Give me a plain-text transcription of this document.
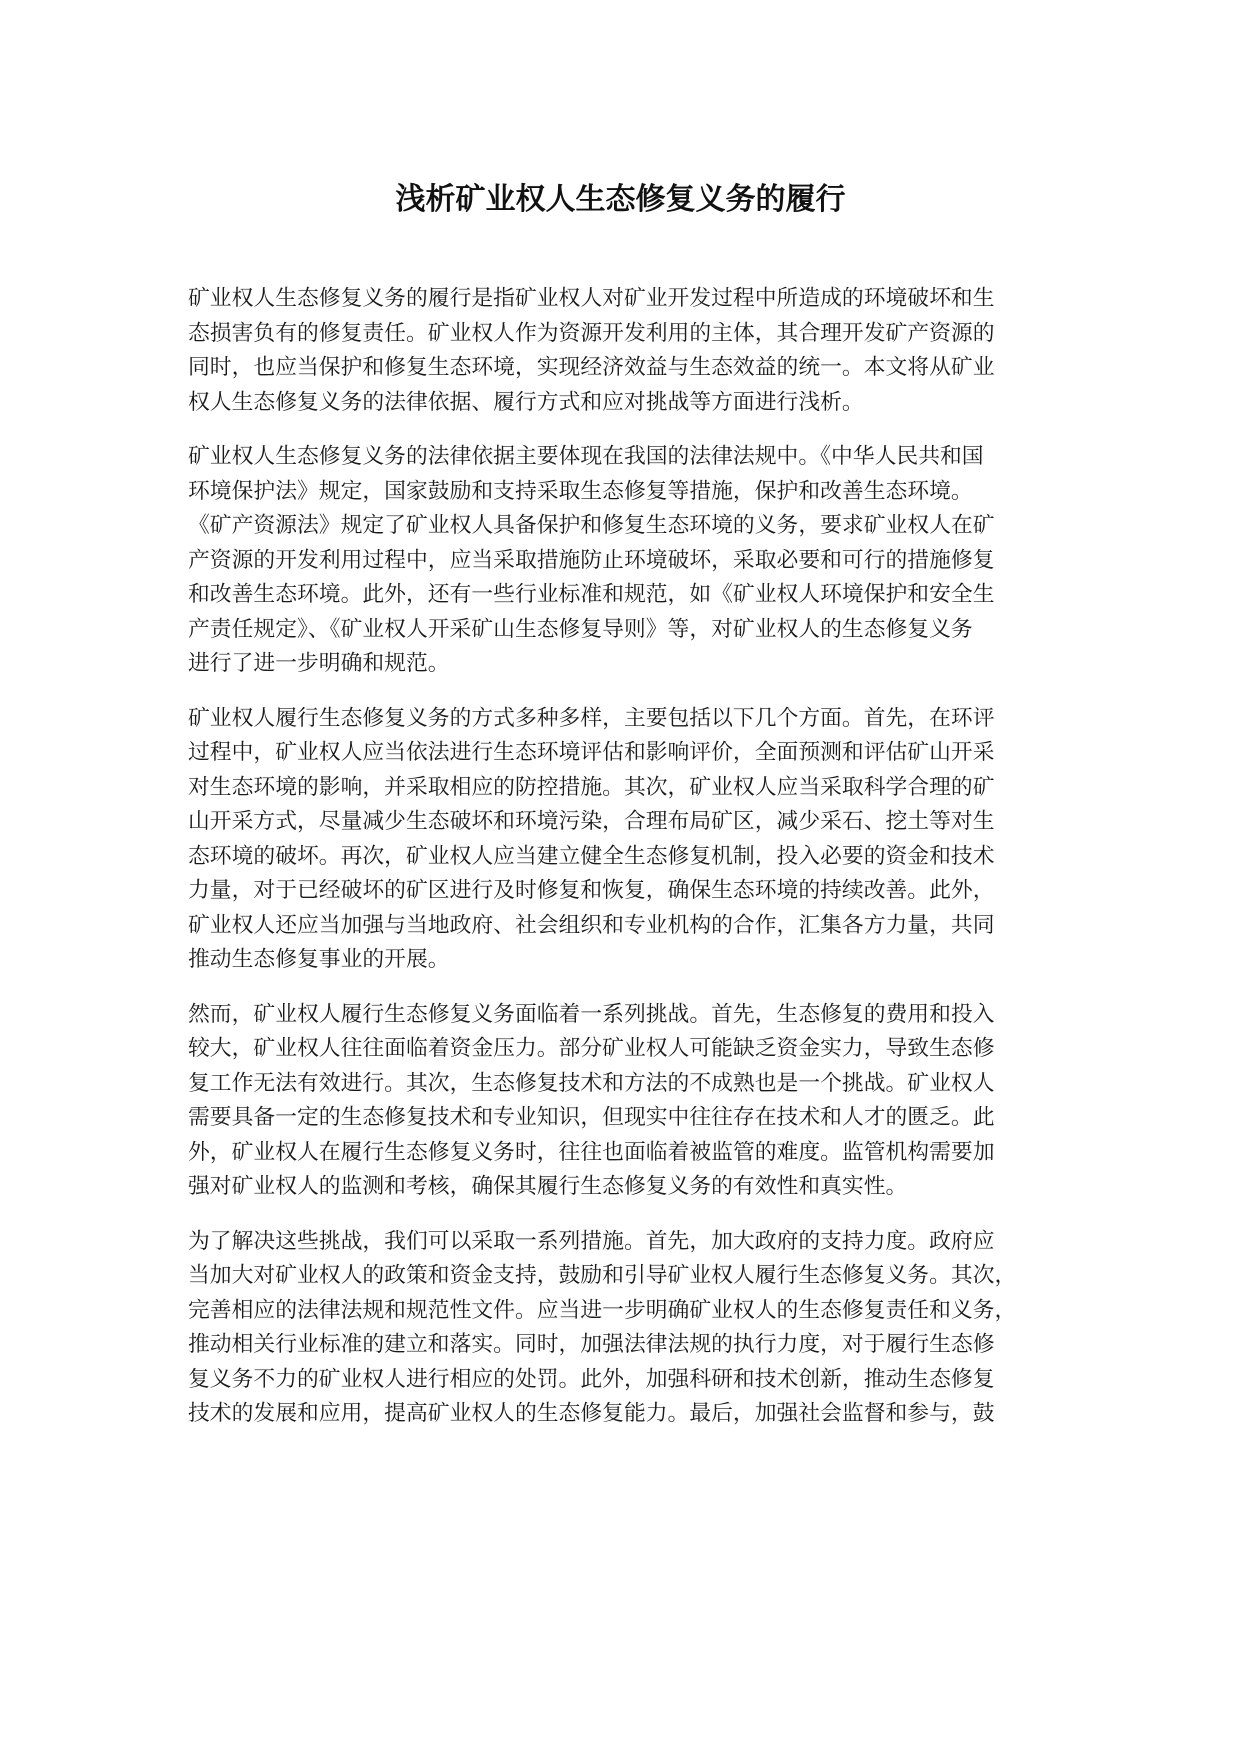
浅析矿业权人生态修复义务的履行
矿业权人生态修复义务的履行是指矿业权人对矿业开发过程中所造成的环境破坏和生
态损害负有的修复责任。矿业权人作为资源开发利用的主体，其合理开发矿产资源的
同时，也应当保护和修复生态环境，实现经济效益与生态效益的统一。本文将从矿业
权人生态修复义务的法律依据、履行方式和应对挑战等方面进行浅析。
矿业权人生态修复义务的法律依据主要体现在我国的法律法规中。《中华人民共和国
环境保护法》规定，国家鼓励和支持采取生态修复等措施，保护和改善生态环境。
《矿产资源法》规定了矿业权人具备保护和修复生态环境的义务，要求矿业权人在矿
产资源的开发利用过程中，应当采取措施防止环境破坏，采取必要和可行的措施修复
和改善生态环境。此外，还有一些行业标准和规范，如《矿业权人环境保护和安全生
产责任规定》、《矿业权人开采矿山生态修复导则》等，对矿业权人的生态修复义务
进行了进一步明确和规范。
矿业权人履行生态修复义务的方式多种多样，主要包括以下几个方面。首先，在环评
过程中，矿业权人应当依法进行生态环境评估和影响评价，全面预测和评估矿山开采
对生态环境的影响，并采取相应的防控措施。其次，矿业权人应当采取科学合理的矿
山开采方式，尽量减少生态破坏和环境污染，合理布局矿区，减少采石、挖土等对生
态环境的破坏。再次，矿业权人应当建立健全生态修复机制，投入必要的资金和技术
力量，对于已经破坏的矿区进行及时修复和恢复，确保生态环境的持续改善。此外，
矿业权人还应当加强与当地政府、社会组织和专业机构的合作，汇集各方力量，共同
推动生态修复事业的开展。
然而，矿业权人履行生态修复义务面临着一系列挑战。首先，生态修复的费用和投入
较大，矿业权人往往面临着资金压力。部分矿业权人可能缺乏资金实力，导致生态修
复工作无法有效进行。其次，生态修复技术和方法的不成熟也是一个挑战。矿业权人
需要具备一定的生态修复技术和专业知识，但现实中往往存在技术和人才的匮乏。此
外，矿业权人在履行生态修复义务时，往往也面临着被监管的难度。监管机构需要加
强对矿业权人的监测和考核，确保其履行生态修复义务的有效性和真实性。
为了解决这些挑战，我们可以采取一系列措施。首先，加大政府的支持力度。政府应
当加大对矿业权人的政策和资金支持，鼓励和引导矿业权人履行生态修复义务。其次，
完善相应的法律法规和规范性文件。应当进一步明确矿业权人的生态修复责任和义务，
推动相关行业标准的建立和落实。同时，加强法律法规的执行力度，对于履行生态修
复义务不力的矿业权人进行相应的处罚。此外，加强科研和技术创新，推动生态修复
技术的发展和应用，提高矿业权人的生态修复能力。最后，加强社会监督和参与，鼓
